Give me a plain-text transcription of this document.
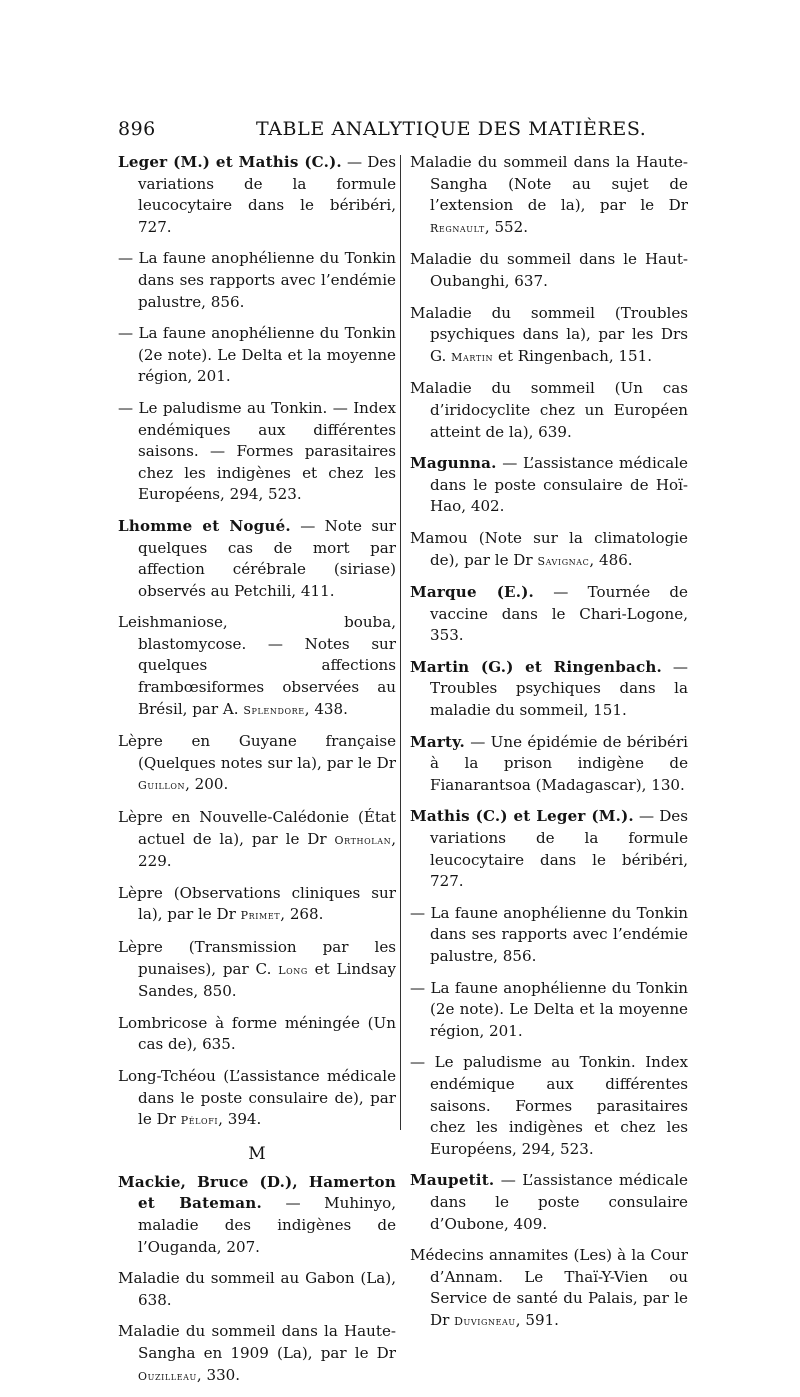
896	TABLE ANALYTIQUE DES MATIÈRES.

Leger (M.) et Mathis (C.). — Des variations de la formule leucocytaire dans le béribéri, 727.

— La faune anophélienne du Tonkin dans ses rapports avec l’endémie palustre, 856.

— La faune anophélienne du Tonkin (2e note). Le Delta et la moyenne région, 201.

— Le paludisme au Tonkin. — Index endémiques aux différentes saisons. — Formes parasitaires chez les indigènes et chez les Européens, 294, 523.

Lhomme et Nogué. — Note sur quelques cas de mort par affection cérébrale (siriase) observés au Petchili, 411.

Leishmaniose, bouba, blastomycose. — Notes sur quelques affections frambœsiformes observées au Brésil, par A. Splendore, 438.

Lèpre en Guyane française (Quelques notes sur la), par le Dr Guillon, 200.

Lèpre en Nouvelle-Calédonie (État actuel de la), par le Dr Ortholan, 229.

Lèpre (Observations cliniques sur la), par le Dr Primet, 268.

Lèpre (Transmission par les punaises), par C. Long et Lindsay Sandes, 850.

Lombricose à forme méningée (Un cas de), 635.

Long-Tchéou (L’assistance médicale dans le poste consulaire de), par le Dr Pélofi, 394.

M

Mackie, Bruce (D.), Hamerton et Bateman. — Muhinyo, maladie des indigènes de l’Ouganda, 207.

Maladie du sommeil au Gabon (La), 638.

Maladie du sommeil dans la Haute-Sangha en 1909 (La), par le Dr Ouzilleau, 330.

Maladie du sommeil dans la Haute-Sangha (Note au sujet de l’extension de la), par le Dr Regnault, 552.

Maladie du sommeil dans le Haut-Oubanghi, 637.

Maladie du sommeil (Troubles psychiques dans la), par les Drs G. Martin et Ringenbach, 151.

Maladie du sommeil (Un cas d’iridocyclite chez un Européen atteint de la), 639.

Magunna. — L’assistance médicale dans le poste consulaire de Hoï-Hao, 402.

Mamou (Note sur la climatologie de), par le Dr Savignac, 486.

Marque (E.). — Tournée de vaccine dans le Chari-Logone, 353.

Martin (G.) et Ringenbach. — Troubles psychiques dans la maladie du sommeil, 151.

Marty. — Une épidémie de béribéri à la prison indigène de Fianarantsoa (Madagascar), 130.

Mathis (C.) et Leger (M.). — Des variations de la formule leucocytaire dans le béribéri, 727.

— La faune anophélienne du Tonkin dans ses rapports avec l’endémie palustre, 856.

— La faune anophélienne du Tonkin (2e note). Le Delta et la moyenne région, 201.

— Le paludisme au Tonkin. Index endémique aux différentes saisons. Formes parasitaires chez les indigènes et chez les Européens, 294, 523.

Maupetit. — L’assistance médicale dans le poste consulaire d’Oubone, 409.

Médecins annamites (Les) à la Cour d’Annam. Le Thaï-Y-Vien ou Service de santé du Palais, par le Dr Duvigneau, 591.
